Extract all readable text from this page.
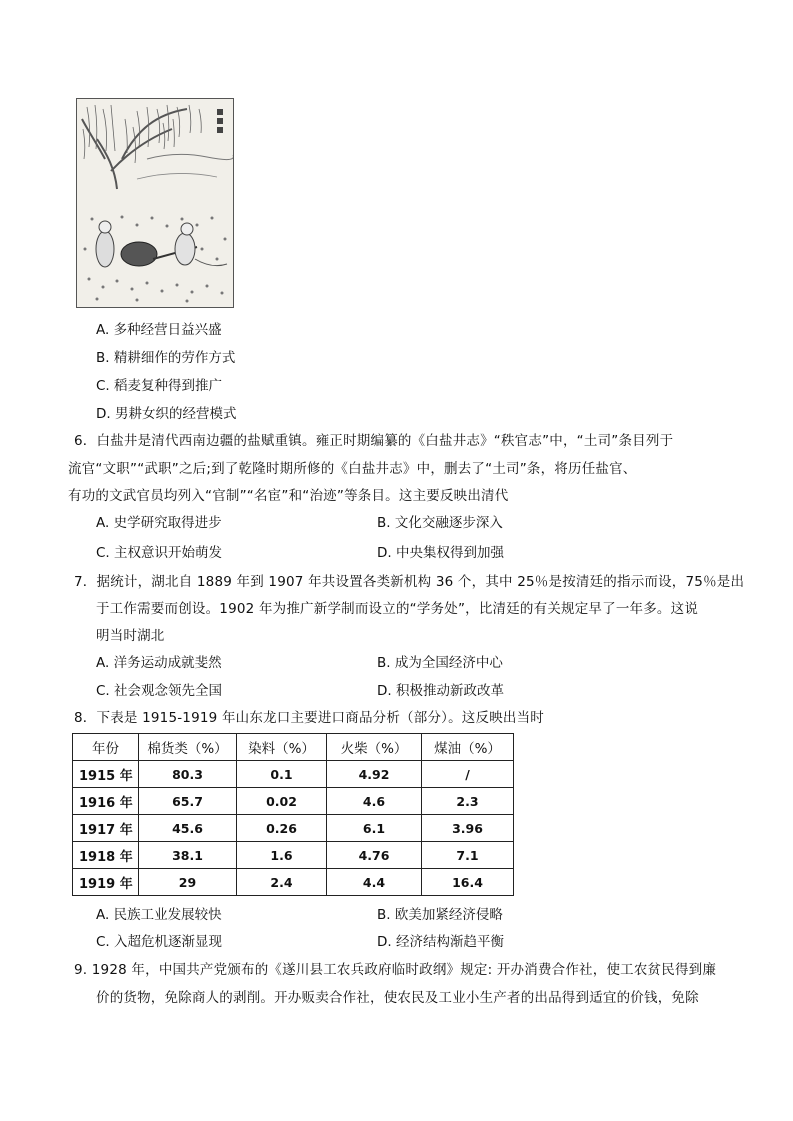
A. 多种经营日益兴盛
B. 精耕细作的劳作方式
C. 稻麦复种得到推广
D. 男耕女织的经营模式
6．白盐井是清代西南边疆的盐赋重镇。雍正时期编纂的《白盐井志》“秩官志”中，“土司”条目列于
流官“文职”“武职”之后;到了乾隆时期所修的《白盐井志》中，删去了“土司”条，将历任盐官、
有功的文武官员均列入“官制”“名宦”和“治迹”等条目。这主要反映出清代
A. 史学研究取得进步	B. 文化交融逐步深入
C. 主权意识开始萌发	D. 中央集权得到加强
7．据统计，湖北自 1889 年到 1907 年共设置各类新机构 36 个，其中 25％是按清廷的指示而设，75％是出
于工作需要而创设。1902 年为推广新学制而设立的“学务处”，比清廷的有关规定早了一年多。这说
明当时湖北
A. 洋务运动成就斐然	B. 成为全国经济中心
C. 社会观念领先全国	D. 积极推动新政改革
8．下表是 1915-1919 年山东龙口主要进口商品分析（部分）。这反映出当时
年份	棉货类（%）	染料（%）	火柴（%）	煤油（%）
1915 年	80.3	0.1	4.92	/
1916 年	65.7	0.02	4.6	2.3
1917 年	45.6	0.26	6.1	3.96
1918 年	38.1	1.6	4.76	7.1
1919 年	29	2.4	4.4	16.4
A. 民族工业发展较快	B. 欧美加紧经济侵略
C. 入超危机逐渐显现	D. 经济结构渐趋平衡
9. 1928 年，中国共产党颁布的《遂川县工农兵政府临时政纲》规定: 开办消费合作社，使工农贫民得到廉
价的货物，免除商人的剥削。开办贩卖合作社，使农民及工业小生产者的出品得到适宜的价钱，免除
